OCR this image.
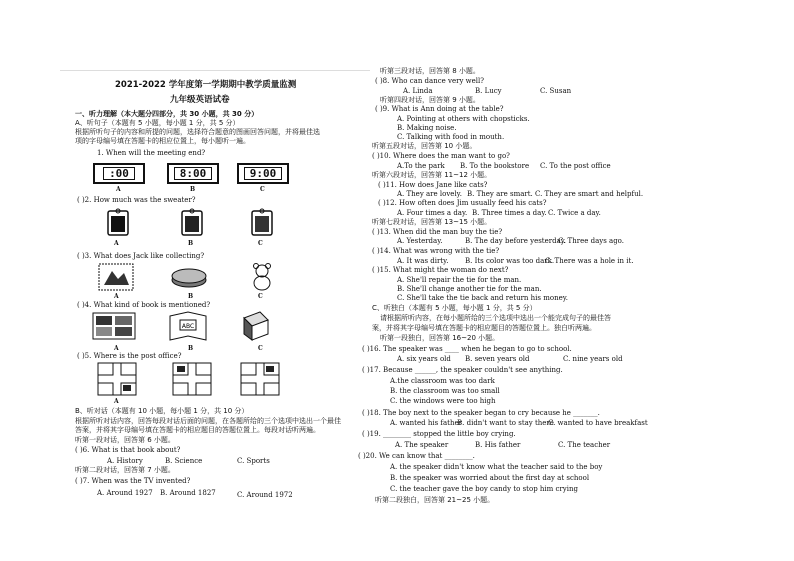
2021-2022 学年度第一学期期中教学质量监测
九年级英语试卷
一、听力理解（本大题分四部分，共 30 小题，共 30 分）
A、听句子（本题有 5 小题，每小题 1 分，共 5 分）
根据所听句子的内容和所提的问题，选择符合题意的图画回答问题，并将最佳选
项的字母编号填在答题卡的相应位置上，每小题听一遍。
1. When will the meeting end?
:00	8:00	9:00
A	B	C
( )2. How much was the sweater?
A	B	C
( )3. What does Jack like collecting?
A	B	C
( )4. What kind of book is mentioned?
ABC
A	B	C
( )5. Where is the post office?
A
B、听对话（本题有 10 小题，每小题 1 分，共 10 分）
根据所听对话内容，回答每段对话后面的问题，在各题所给的三个选项中选出一个最佳
答案，并将其字母编号填在答题卡的相应题目的答题位置上。每段对话听两遍。
听第一段对话，回答第 6 小题。
( )6. What is that book about?
A. History	B. Science	C. Sports
听第二段对话，回答第 7 小题。
( )7. When was the TV invented?
A. Around 1927 B. Around 1827	C. Around 1972
听第三段对话，回答第 8 小题。
( )8. Who can dance very well?
A. Linda	B. Lucy	C. Susan
听第四段对话，回答第 9 小题。
( )9. What is Ann doing at the table?
A. Pointing at others with chopsticks.
B. Making noise.
C. Talking with food in mouth.
听第五段对话，回答第 10 小题。
( )10. Where does the man want to go?
A.To the park B. To the bookstore C. To the post office
听第六段对话，回答第 11~12 小题。
( )11. How does Jane like cats?
A. They are lovely. B. They are smart. C. They are smart and helpful.
( )12. How often does Jim usually feed his cats?
A. Four times a day. B. Three times a day. C. Twice a day.
听第七段对话，回答第 13~15 小题。
( )13. When did the man buy the tie?
A. Yesterday.	B. The day before yesterday.
C. Three days ago.
( )14. What was wrong with the tie?
A. It was dirty. B. Its color was too dark.
C. There was a hole in it.
( )15. What might the woman do next?
A. She'll repair the tie for the man.
B. She'll change another tie for the man.
C. She'll take the tie back and return his money.
C、听独白（本题有 5 小题，每小题 1 分，共 5 分）
请根据所听内容，在每小题所给的三个选项中选出一个能完成句子的最佳答
案，并将其字母编号填在答题卡的相应题目的答题位置上。独白听两遍。
听第一段独白，回答第 16~20 小题。
( )16. The speaker was ____ when he began to go to school.
A. six years old B. seven years old	C. nine years old
( )17. Because ______, the speaker couldn't see anything.
A.the classroom was too dark
B. the classroom was too small
C. the windows were too high
( )18. The boy next to the speaker began to cry because he _______.
A. wanted his father
B. didn't want to stay there
C. wanted to have breakfast
( )19. ________ stopped the little boy crying.
A. The speaker	B. His father	C. The teacher
( )20. We can know that ________.
A. the speaker didn't know what the teacher said to the boy
B. the speaker was worried about the first day at school
C. the teacher gave the boy candy to stop him crying
听第二段独白，回答第 21~25 小题。
